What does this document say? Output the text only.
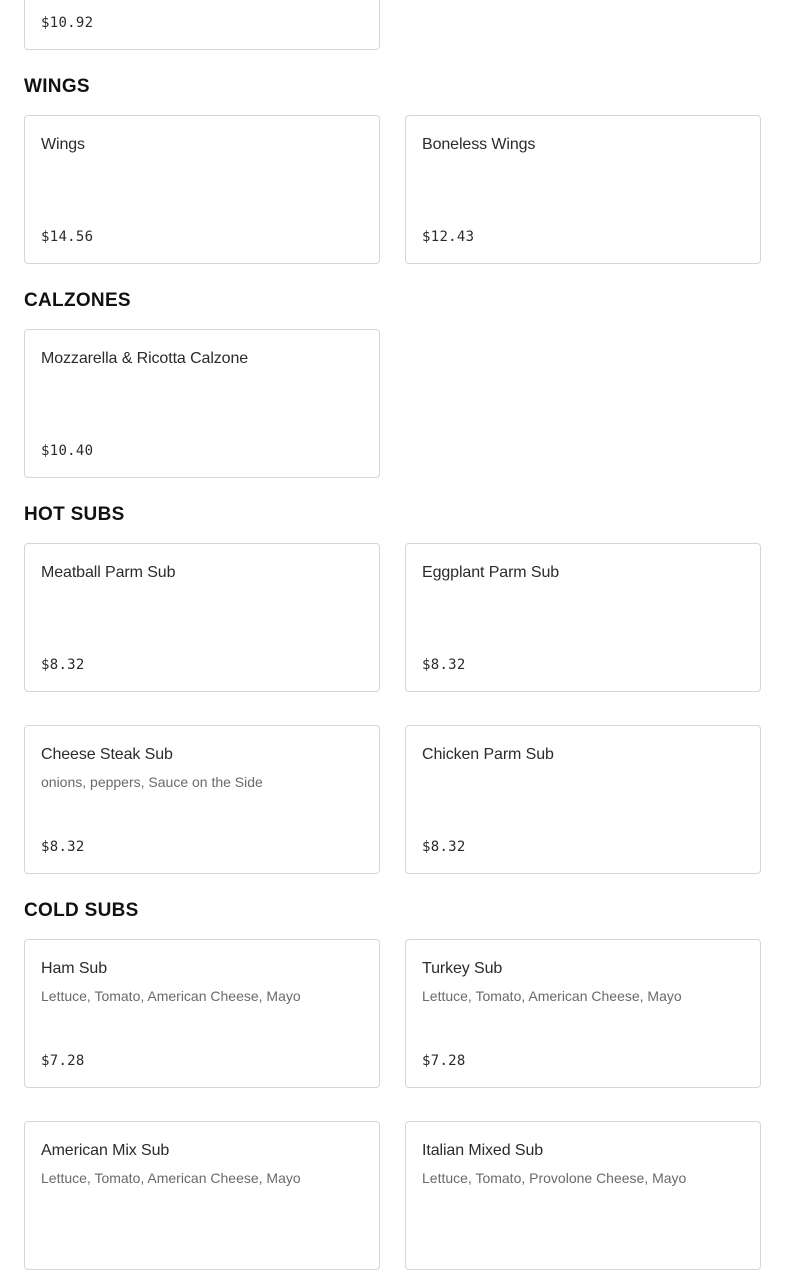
$10.92
WINGS
Wings
$14.56
Boneless Wings
$12.43
CALZONES
Mozzarella & Ricotta Calzone
$10.40
HOT SUBS
Meatball Parm Sub
$8.32
Eggplant Parm Sub
$8.32
Cheese Steak Sub
onions, peppers, Sauce on the Side
$8.32
Chicken Parm Sub
$8.32
COLD SUBS
Ham Sub
Lettuce, Tomato, American Cheese, Mayo
$7.28
Turkey Sub
Lettuce, Tomato, American Cheese, Mayo
$7.28
American Mix Sub
Lettuce, Tomato, American Cheese, Mayo
Italian Mixed Sub
Lettuce, Tomato, Provolone Cheese, Mayo
